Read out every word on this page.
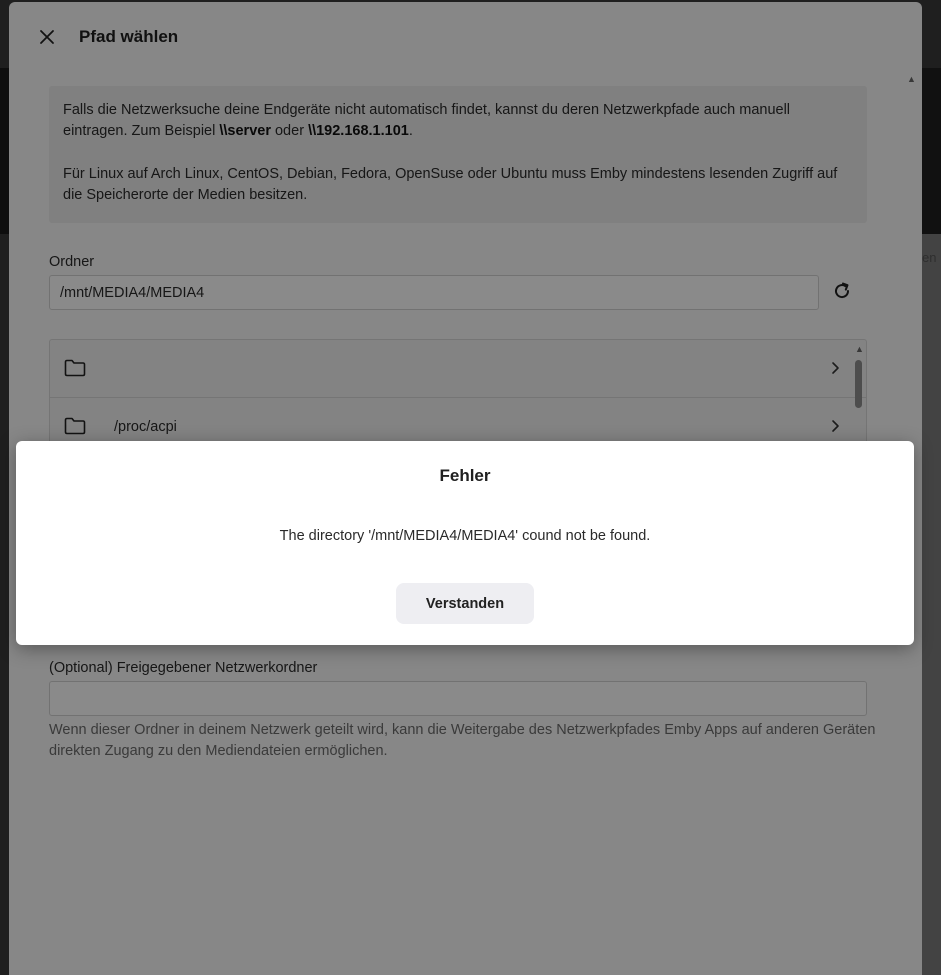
en
Pfad wählen
▲

Falls die Netzwerksuche deine Endgeräte nicht automatisch findet, kannst du deren Netzwerkpfade auch manuell eintragen. Zum Beispiel \\server oder \\192.168.1.101.

Für Linux auf Arch Linux, CentOS, Debian, Fedora, OpenSuse oder Ubuntu muss Emby mindestens lesenden Zugriff auf die Speicherorte der Medien besitzen.

Ordner
/mnt/MEDIA4/MEDIA4
/proc/acpi
▲
(Optional) Freigegebener Netzwerkordner
Wenn dieser Ordner in deinem Netzwerk geteilt wird, kann die Weitergabe des Netzwerkpfades Emby Apps auf anderen Geräten direkten Zugang zu den Mediendateien ermöglichen.
Fehler
The directory '/mnt/MEDIA4/MEDIA4' cound not be found.
Verstanden
